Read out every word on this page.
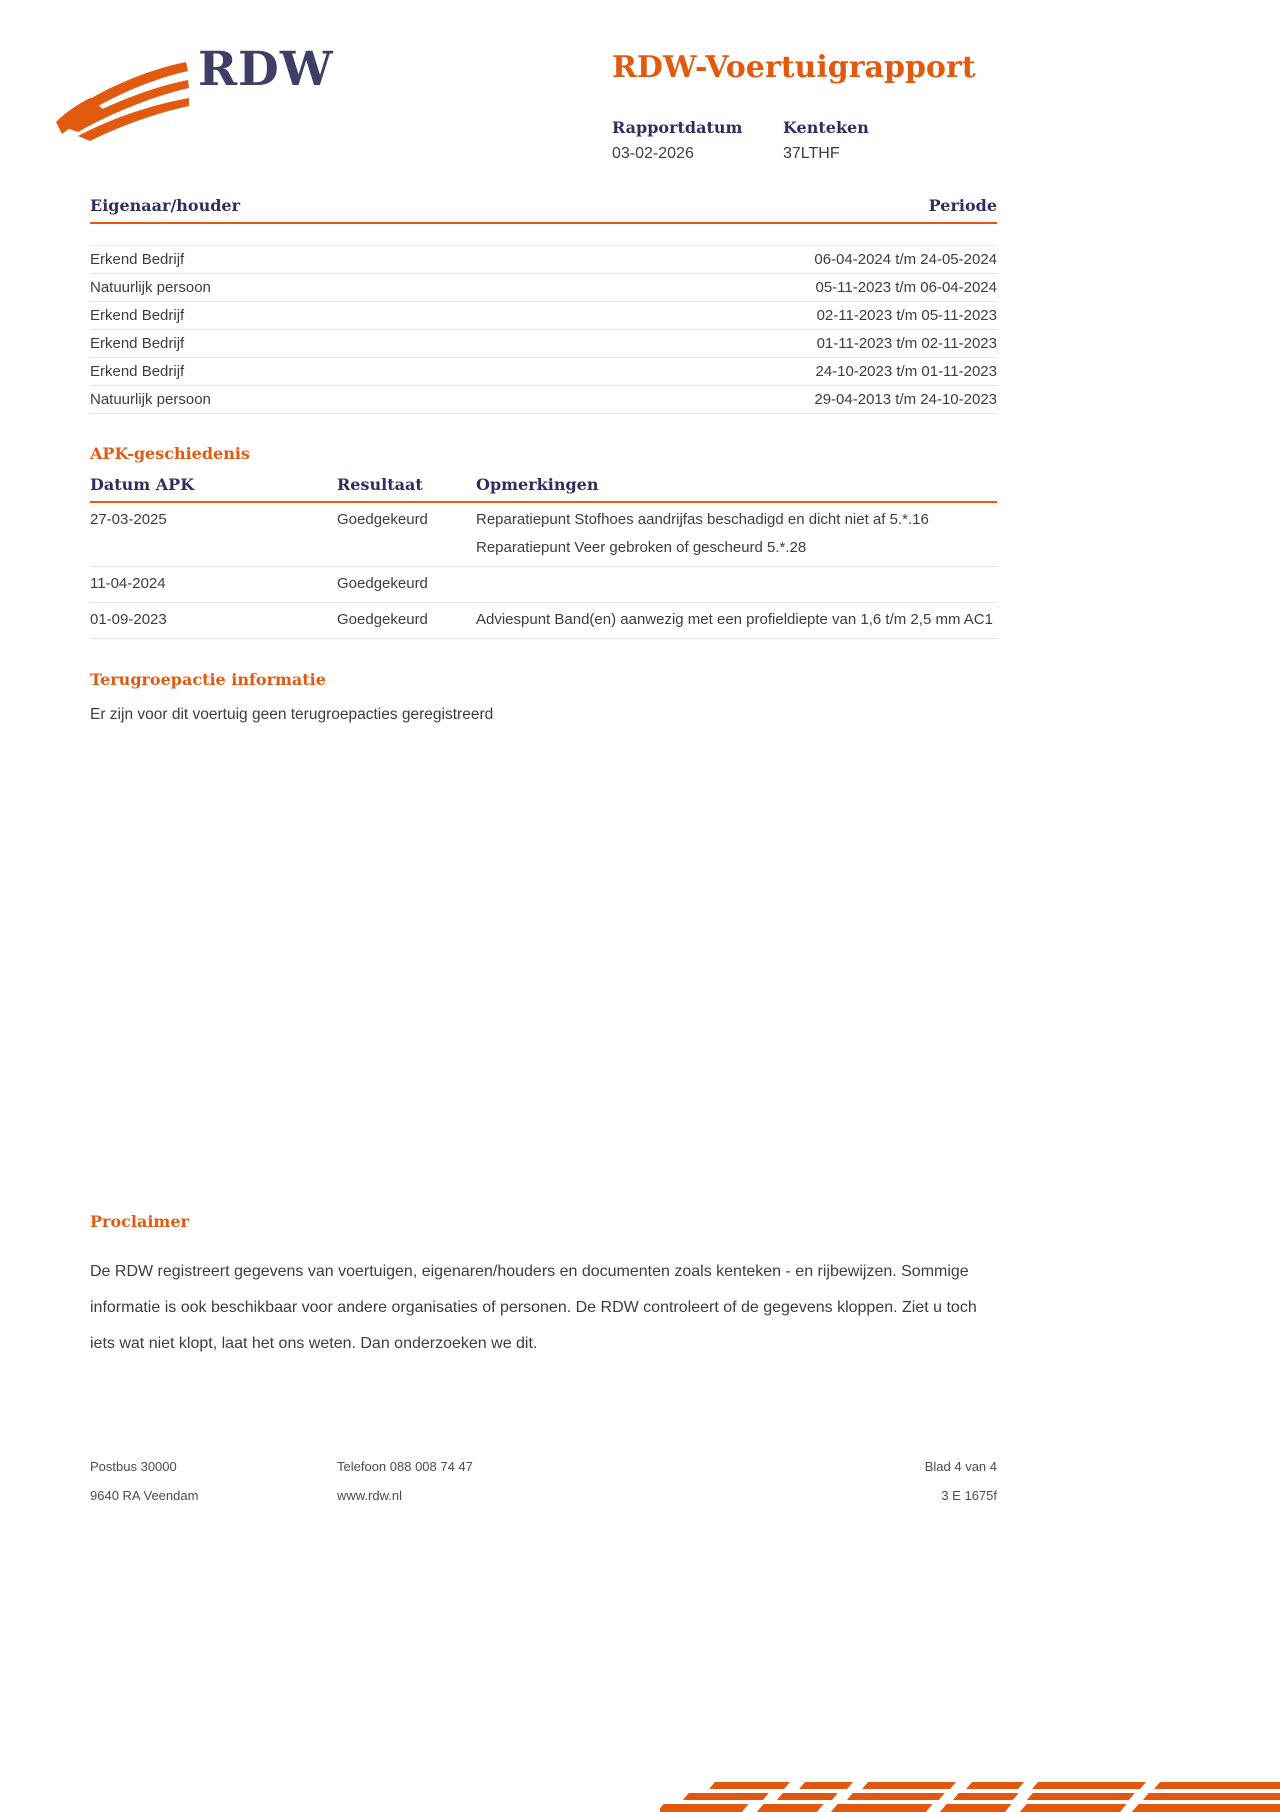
RDW	RDW-Voertuigrapport
Rapportdatum
03-02-2026
Kenteken
37LTHF
Eigenaar/houder	Periode
Erkend Bedrijf	06-04-2024 t/m 24-05-2024
Natuurlijk persoon	05-11-2023 t/m 06-04-2024
Erkend Bedrijf	02-11-2023 t/m 05-11-2023
Erkend Bedrijf	01-11-2023 t/m 02-11-2023
Erkend Bedrijf	24-10-2023 t/m 01-11-2023
Natuurlijk persoon	29-04-2013 t/m 24-10-2023
APK-geschiedenis
Datum APK	Resultaat	Opmerkingen
27-03-2025	Goedgekeurd	Reparatiepunt Stofhoes aandrijfas beschadigd en dicht niet af 5.*.16
Reparatiepunt Veer gebroken of gescheurd 5.*.28
11-04-2024	Goedgekeurd
01-09-2023	Goedgekeurd	Adviespunt Band(en) aanwezig met een profieldiepte van 1,6 t/m 2,5 mm AC1
Terugroepactie informatie
Er zijn voor dit voertuig geen terugroepacties geregistreerd
Proclaimer

De RDW registreert gegevens van voertuigen, eigenaren/houders en documenten zoals kenteken - en rijbewijzen. Sommige informatie is ook beschikbaar voor andere organisaties of personen. De RDW controleert of de gegevens kloppen. Ziet u toch iets wat niet klopt, laat het ons weten. Dan onderzoeken we dit.

Postbus 30000	Telefoon 088 008 74 47	Blad 4 van 4
9640 RA Veendam	www.rdw.nl	3 E 1675f
